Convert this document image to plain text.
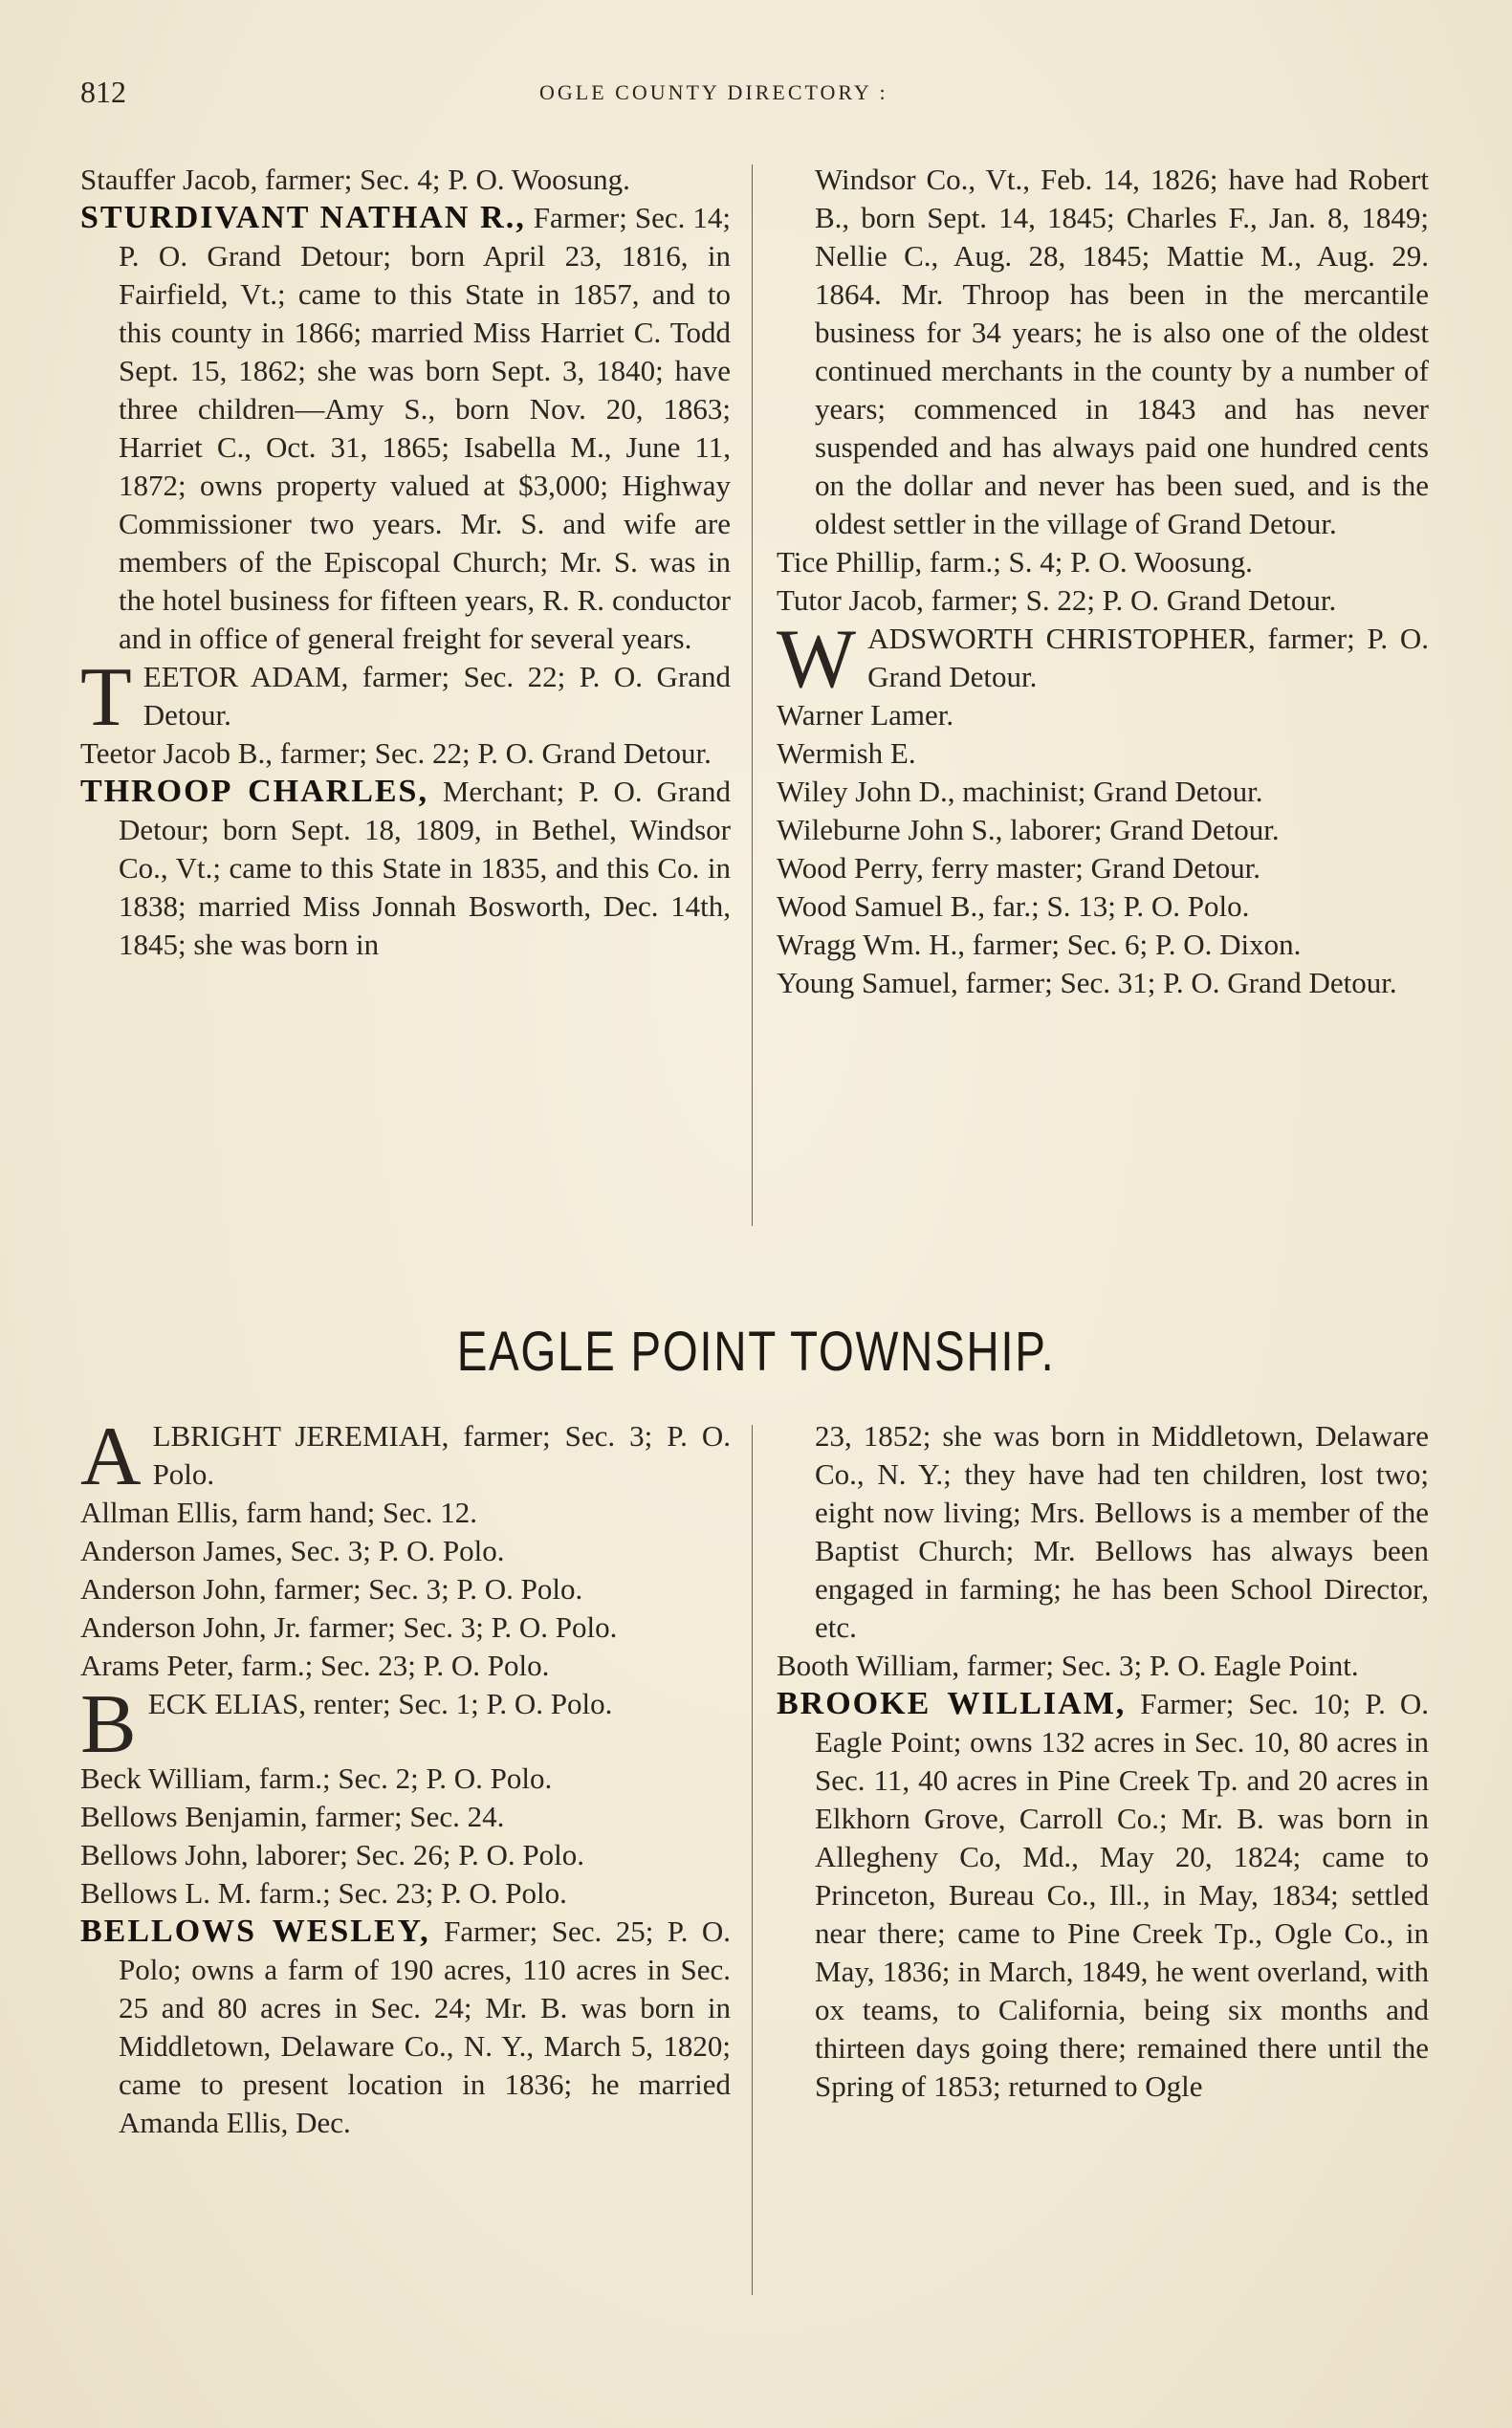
812	OGLE COUNTY DIRECTORY :
Stauffer Jacob, farmer; Sec. 4; P. O. Woosung.
STURDIVANT NATHAN R., Farmer; Sec. 14; P. O. Grand Detour; born April 23, 1816, in Fairfield, Vt.; came to this State in 1857, and to this county in 1866; married Miss Harriet C. Todd Sept. 15, 1862; she was born Sept. 3, 1840; have three children—Amy S., born Nov. 20, 1863; Harriet C., Oct. 31, 1865; Isabella M., June 11, 1872; owns property valued at $3,000; Highway Commissioner two years. Mr. S. and wife are members of the Episcopal Church; Mr. S. was in the hotel business for fifteen years, R. R. conductor and in office of general freight for several years.
TEETOR ADAM, farmer; Sec. 22; P. O. Grand Detour.
Teetor Jacob B., farmer; Sec. 22; P. O. Grand Detour.
THROOP CHARLES, Merchant; P. O. Grand Detour; born Sept. 18, 1809, in Bethel, Windsor Co., Vt.; came to this State in 1835, and this Co. in 1838; married Miss Jonnah Bosworth, Dec. 14th, 1845; she was born in
Windsor Co., Vt., Feb. 14, 1826; have had Robert B., born Sept. 14, 1845; Charles F., Jan. 8, 1849; Nellie C., Aug. 28, 1845; Mattie M., Aug. 29. 1864. Mr. Throop has been in the mercantile business for 34 years; he is also one of the oldest continued merchants in the county by a number of years; commenced in 1843 and has never suspended and has always paid one hundred cents on the dollar and never has been sued, and is the oldest settler in the village of Grand Detour.
Tice Phillip, farm.; S. 4; P. O. Woosung.
Tutor Jacob, farmer; S. 22; P. O. Grand Detour.
WADSWORTH CHRISTOPHER, farmer; P. O. Grand Detour.
Warner Lamer.
Wermish E.
Wiley John D., machinist; Grand Detour.
Wileburne John S., laborer; Grand Detour.
Wood Perry, ferry master; Grand Detour.
Wood Samuel B., far.; S. 13; P. O. Polo.
Wragg Wm. H., farmer; Sec. 6; P. O. Dixon.
Young Samuel, farmer; Sec. 31; P. O. Grand Detour.
EAGLE POINT TOWNSHIP.
ALBRIGHT JEREMIAH, farmer; Sec. 3; P. O. Polo.
Allman Ellis, farm hand; Sec. 12.
Anderson James, Sec. 3; P. O. Polo.
Anderson John, farmer; Sec. 3; P. O. Polo.
Anderson John, Jr. farmer; Sec. 3; P. O. Polo.
Arams Peter, farm.; Sec. 23; P. O. Polo.
BECK ELIAS, renter; Sec. 1; P. O. Polo.
Beck William, farm.; Sec. 2; P. O. Polo.
Bellows Benjamin, farmer; Sec. 24.
Bellows John, laborer; Sec. 26; P. O. Polo.
Bellows L. M. farm.; Sec. 23; P. O. Polo.
BELLOWS WESLEY, Farmer; Sec. 25; P. O. Polo; owns a farm of 190 acres, 110 acres in Sec. 25 and 80 acres in Sec. 24; Mr. B. was born in Middletown, Delaware Co., N. Y., March 5, 1820; came to present location in 1836; he married Amanda Ellis, Dec.
23, 1852; she was born in Middletown, Delaware Co., N. Y.; they have had ten children, lost two; eight now living; Mrs. Bellows is a member of the Baptist Church; Mr. Bellows has always been engaged in farming; he has been School Director, etc.
Booth William, farmer; Sec. 3; P. O. Eagle Point.
BROOKE WILLIAM, Farmer; Sec. 10; P. O. Eagle Point; owns 132 acres in Sec. 10, 80 acres in Sec. 11, 40 acres in Pine Creek Tp. and 20 acres in Elkhorn Grove, Carroll Co.; Mr. B. was born in Allegheny Co, Md., May 20, 1824; came to Princeton, Bureau Co., Ill., in May, 1834; settled near there; came to Pine Creek Tp., Ogle Co., in May, 1836; in March, 1849, he went overland, with ox teams, to California, being six months and thirteen days going there; remained there until the Spring of 1853; returned to Ogle
